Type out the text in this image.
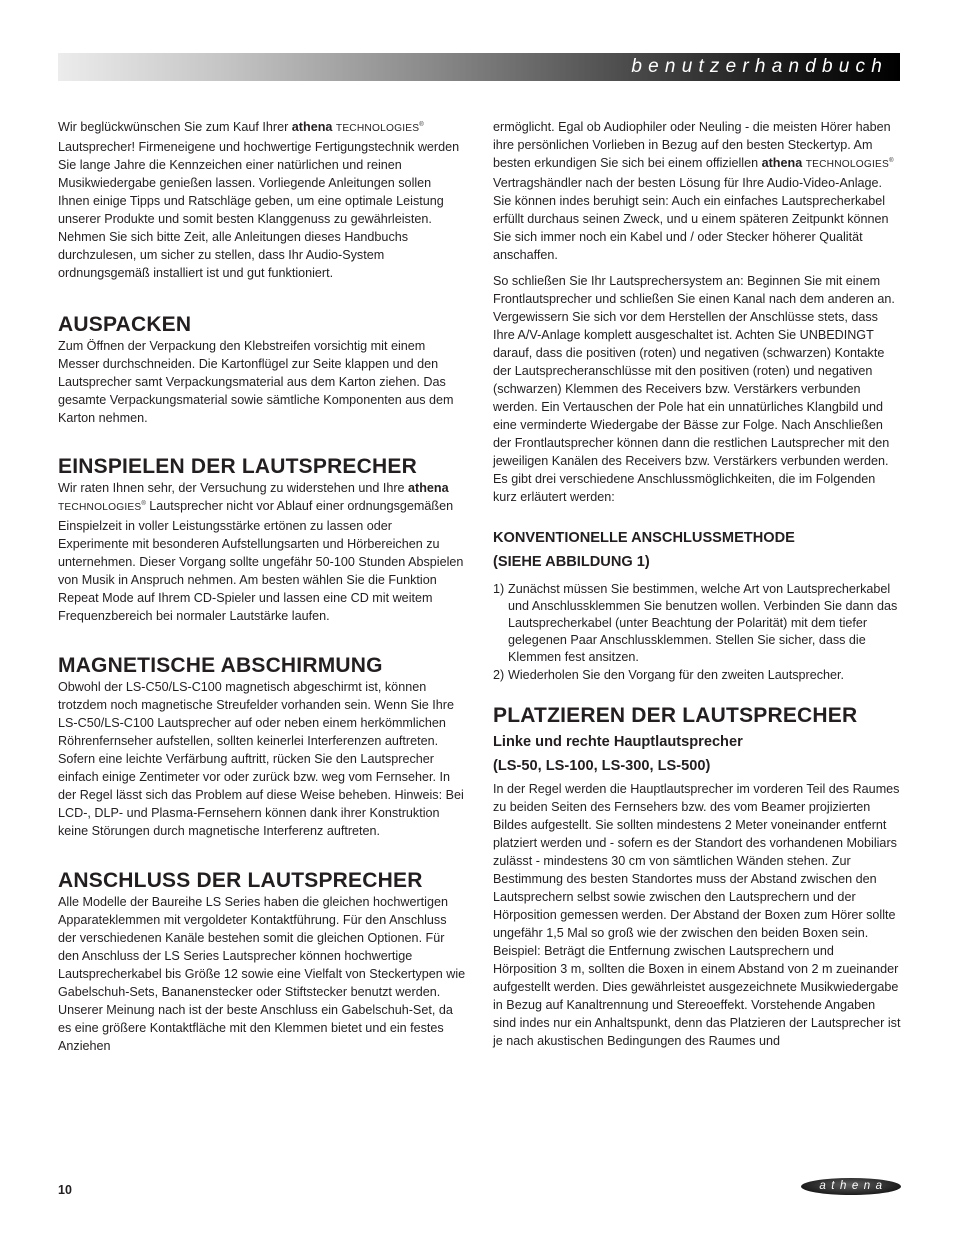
benutzerhandbuch

Wir beglückwünschen Sie zum Kauf Ihrer athena TECHNOLOGIES® Lautsprecher! Firmeneigene und hochwertige Fertigungstechnik werden Sie lange Jahre die Kennzeichen einer natürlichen und reinen Musikwiedergabe genießen lassen. Vorliegende Anleitungen sollen Ihnen einige Tipps und Ratschläge geben, um eine optimale Leistung unserer Produkte und somit besten Klanggenuss zu gewährleisten. Nehmen Sie sich bitte Zeit, alle Anleitungen dieses Handbuchs durchzulesen, um sicher zu stellen, dass Ihr Audio-System ordnungsgemäß installiert ist und gut funktioniert.

AUSPACKEN

Zum Öffnen der Verpackung den Klebstreifen vorsichtig mit einem Messer durchschneiden. Die Kartonflügel zur Seite klappen und den Lautsprecher samt Verpackungsmaterial aus dem Karton ziehen. Das gesamte Verpackungsmaterial sowie sämtliche Komponenten aus dem Karton nehmen.

EINSPIELEN DER LAUTSPRECHER

Wir raten Ihnen sehr, der Versuchung zu widerstehen und Ihre athena TECHNOLOGIES® Lautsprecher nicht vor Ablauf einer ordnungsgemäßen Einspielzeit in voller Leistungsstärke ertönen zu lassen oder Experimente mit besonderen Aufstellungsarten und Hörbereichen zu unternehmen. Dieser Vorgang sollte ungefähr 50-100 Stunden Abspielen von Musik in Anspruch nehmen. Am besten wählen Sie die Funktion Repeat Mode auf Ihrem CD-Spieler und lassen eine CD mit weitem Frequenzbereich bei normaler Lautstärke laufen.

MAGNETISCHE ABSCHIRMUNG

Obwohl der LS-C50/LS-C100 magnetisch abgeschirmt ist, können trotzdem noch magnetische Streufelder vorhanden sein. Wenn Sie Ihre LS-C50/LS-C100 Lautsprecher auf oder neben einem herkömmlichen Röhrenfernseher aufstellen, sollten keinerlei Interferenzen auftreten. Sofern eine leichte Verfärbung auftritt, rücken Sie den Lautsprecher einfach einige Zentimeter vor oder zurück bzw. weg vom Fernseher. In der Regel lässt sich das Problem auf diese Weise beheben. Hinweis: Bei LCD-, DLP- und Plasma-Fernsehern können dank ihrer Konstruktion keine Störungen durch magnetische Interferenz auftreten.

ANSCHLUSS DER LAUTSPRECHER

Alle Modelle der Baureihe LS Series haben die gleichen hochwertigen Apparateklemmen mit vergoldeter Kontaktführung. Für den Anschluss der verschiedenen Kanäle bestehen somit die gleichen Optionen. Für den Anschluss der LS Series Lautsprecher können hochwertige Lautsprecherkabel bis Größe 12 sowie eine Vielfalt von Steckertypen wie Gabelschuh-Sets, Bananenstecker oder Stiftstecker benutzt werden. Unserer Meinung nach ist der beste Anschluss ein Gabelschuh-Set, da es eine größere Kontaktfläche mit den Klemmen bietet und ein festes Anziehen

ermöglicht. Egal ob Audiophiler oder Neuling - die meisten Hörer haben ihre persönlichen Vorlieben in Bezug auf den besten Steckertyp. Am besten erkundigen Sie sich bei einem offiziellen athena TECHNOLOGIES® Vertragshändler nach der besten Lösung für Ihre Audio-Video-Anlage. Sie können indes beruhigt sein: Auch ein einfaches Lautsprecherkabel erfüllt durchaus seinen Zweck, und u einem späteren Zeitpunkt können Sie sich immer noch ein Kabel und / oder Stecker höherer Qualität anschaffen.

So schließen Sie Ihr Lautsprechersystem an: Beginnen Sie mit einem Frontlautsprecher und schließen Sie einen Kanal nach dem anderen an. Vergewissern Sie sich vor dem Herstellen der Anschlüsse stets, dass Ihre A/V-Anlage komplett ausgeschaltet ist. Achten Sie UNBEDINGT darauf, dass die positiven (roten) und negativen (schwarzen) Kontakte der Lautsprecheranschlüsse mit den positiven (roten) und negativen (schwarzen) Klemmen des Receivers bzw. Verstärkers verbunden werden. Ein Vertauschen der Pole hat ein unnatürliches Klangbild und eine verminderte Wiedergabe der Bässe zur Folge. Nach Anschließen der Frontlautsprecher können dann die restlichen Lautsprecher mit den jeweiligen Kanälen des Receivers bzw. Verstärkers verbunden werden. Es gibt drei verschiedene Anschlussmöglichkeiten, die im Folgenden kurz erläutert werden:

KONVENTIONELLE ANSCHLUSSMETHODE
(SIEHE ABBILDUNG 1)
1) Zunächst müssen Sie bestimmen, welche Art von Lautsprecherkabel und Anschlussklemmen Sie benutzen wollen. Verbinden Sie dann das Lautsprecherkabel (unter Beachtung der Polarität) mit dem tiefer gelegenen Paar Anschlussklemmen. Stellen Sie sicher, dass die Klemmen fest ansitzen.
2) Wiederholen Sie den Vorgang für den zweiten Lautsprecher.
PLATZIEREN DER LAUTSPRECHER
Linke und rechte Hauptlautsprecher
(LS-50, LS-100, LS-300, LS-500)

In der Regel werden die Hauptlautsprecher im vorderen Teil des Raumes zu beiden Seiten des Fernsehers bzw. des vom Beamer projizierten Bildes aufgestellt. Sie sollten mindestens 2 Meter voneinander entfernt platziert werden und - sofern es der Standort des vorhandenen Mobiliars zulässt - mindestens 30 cm von sämtlichen Wänden stehen. Zur Bestimmung des besten Standortes muss der Abstand zwischen den Lautsprechern selbst sowie zwischen den Lautsprechern und der Hörposition gemessen werden. Der Abstand der Boxen zum Hörer sollte ungefähr 1,5 Mal so groß wie der zwischen den beiden Boxen sein. Beispiel: Beträgt die Entfernung zwischen Lautsprechern und Hörposition 3 m, sollten die Boxen in einem Abstand von 2 m zueinander aufgestellt werden. Dies gewährleistet ausgezeichnete Musikwiedergabe in Bezug auf Kanaltrennung und Stereoeffekt. Vorstehende Angaben sind indes nur ein Anhaltspunkt, denn das Platzieren der Lautsprecher ist je nach akustischen Bedingungen des Raumes und

10	athena
